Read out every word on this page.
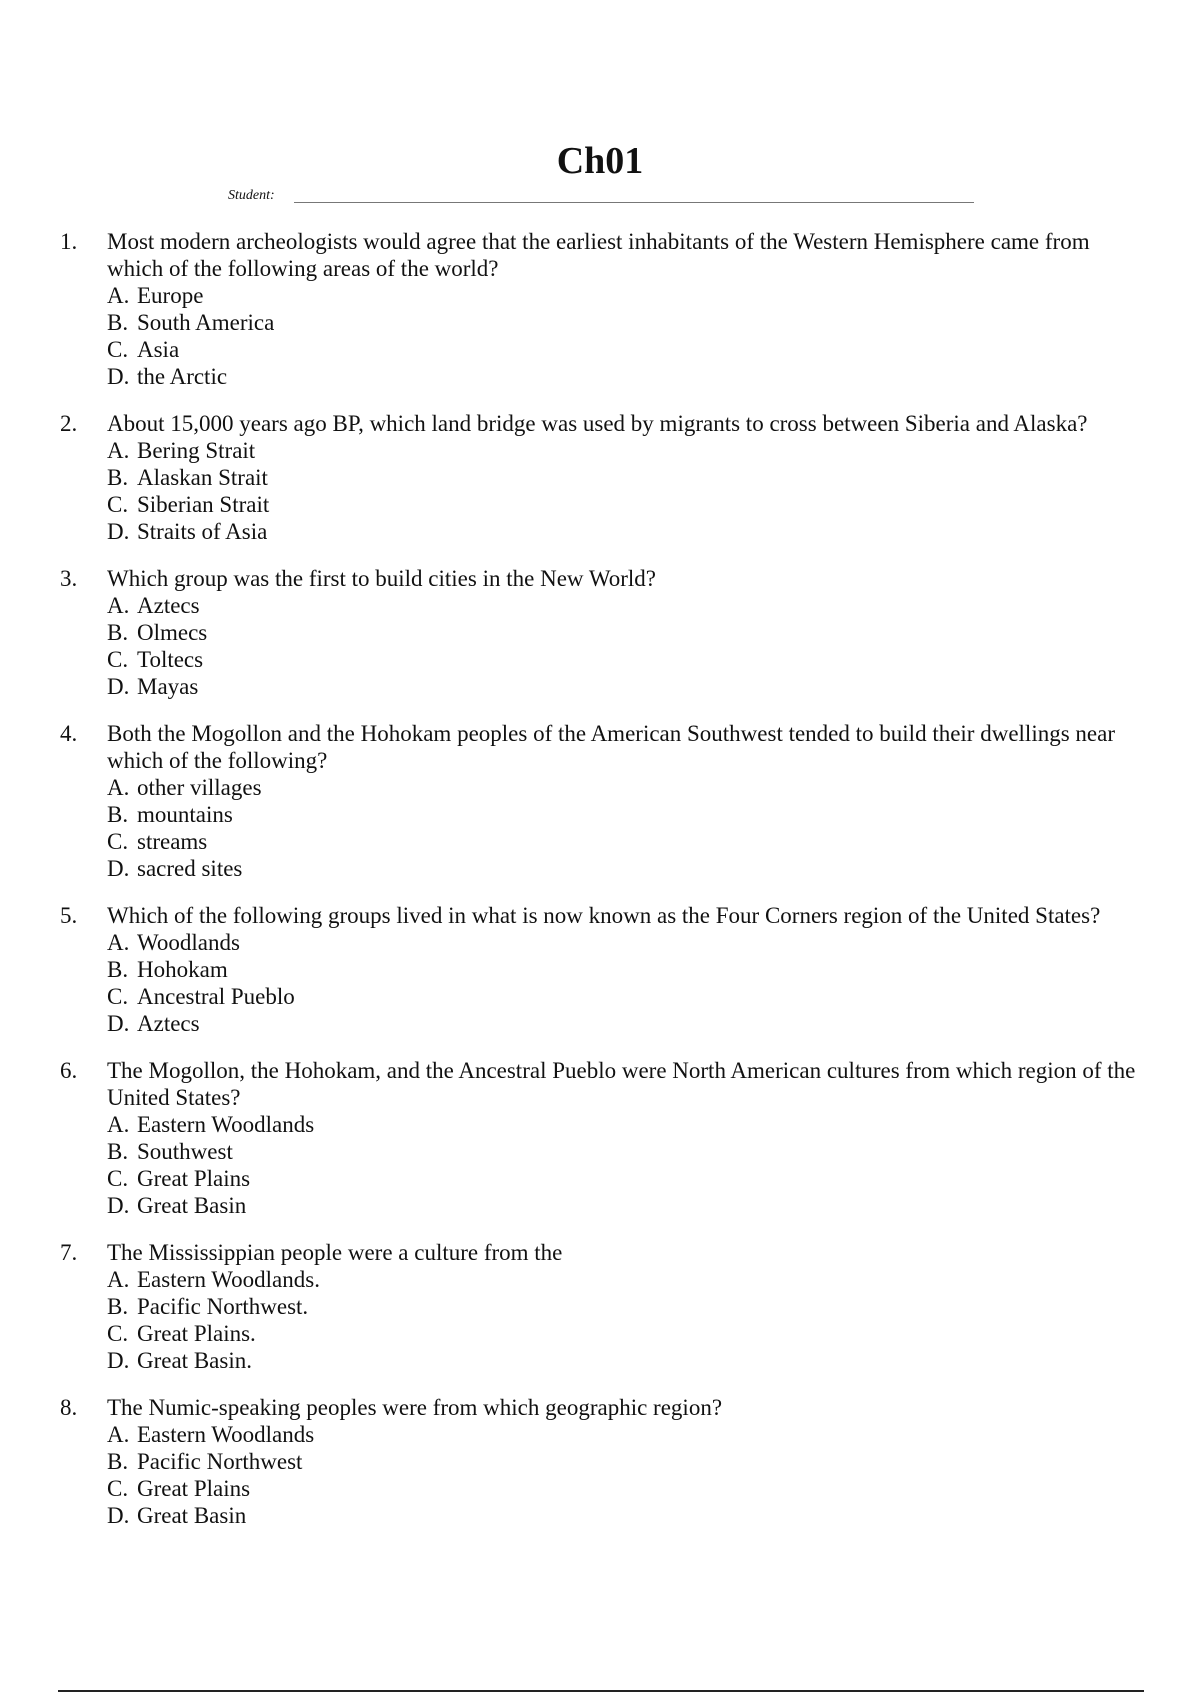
Ch01
Student:
1.	Most modern archeologists would agree that the earliest inhabitants of the Western Hemisphere came from which of the following areas of the world?

A. Europe
B. South America
C. Asia
D. the Arctic
2.	About 15,000 years ago BP, which land bridge was used by migrants to cross between Siberia and Alaska?

A. Bering Strait
B. Alaskan Strait
C. Siberian Strait
D. Straits of Asia
3.	Which group was the first to build cities in the New World?

A. Aztecs
B. Olmecs
C. Toltecs
D. Mayas
4.	Both the Mogollon and the Hohokam peoples of the American Southwest tended to build their dwellings near which of the following?

A. other villages
B. mountains
C. streams
D. sacred sites
5.	Which of the following groups lived in what is now known as the Four Corners region of the United States?

A. Woodlands
B. Hohokam
C. Ancestral Pueblo
D. Aztecs
6.	The Mogollon, the Hohokam, and the Ancestral Pueblo were North American cultures from which region of the United States?

A. Eastern Woodlands
B. Southwest
C. Great Plains
D. Great Basin
7.	The Mississippian people were a culture from the

A. Eastern Woodlands.
B. Pacific Northwest.
C. Great Plains.
D. Great Basin.
8.	The Numic-speaking peoples were from which geographic region?

A. Eastern Woodlands
B. Pacific Northwest
C. Great Plains
D. Great Basin
